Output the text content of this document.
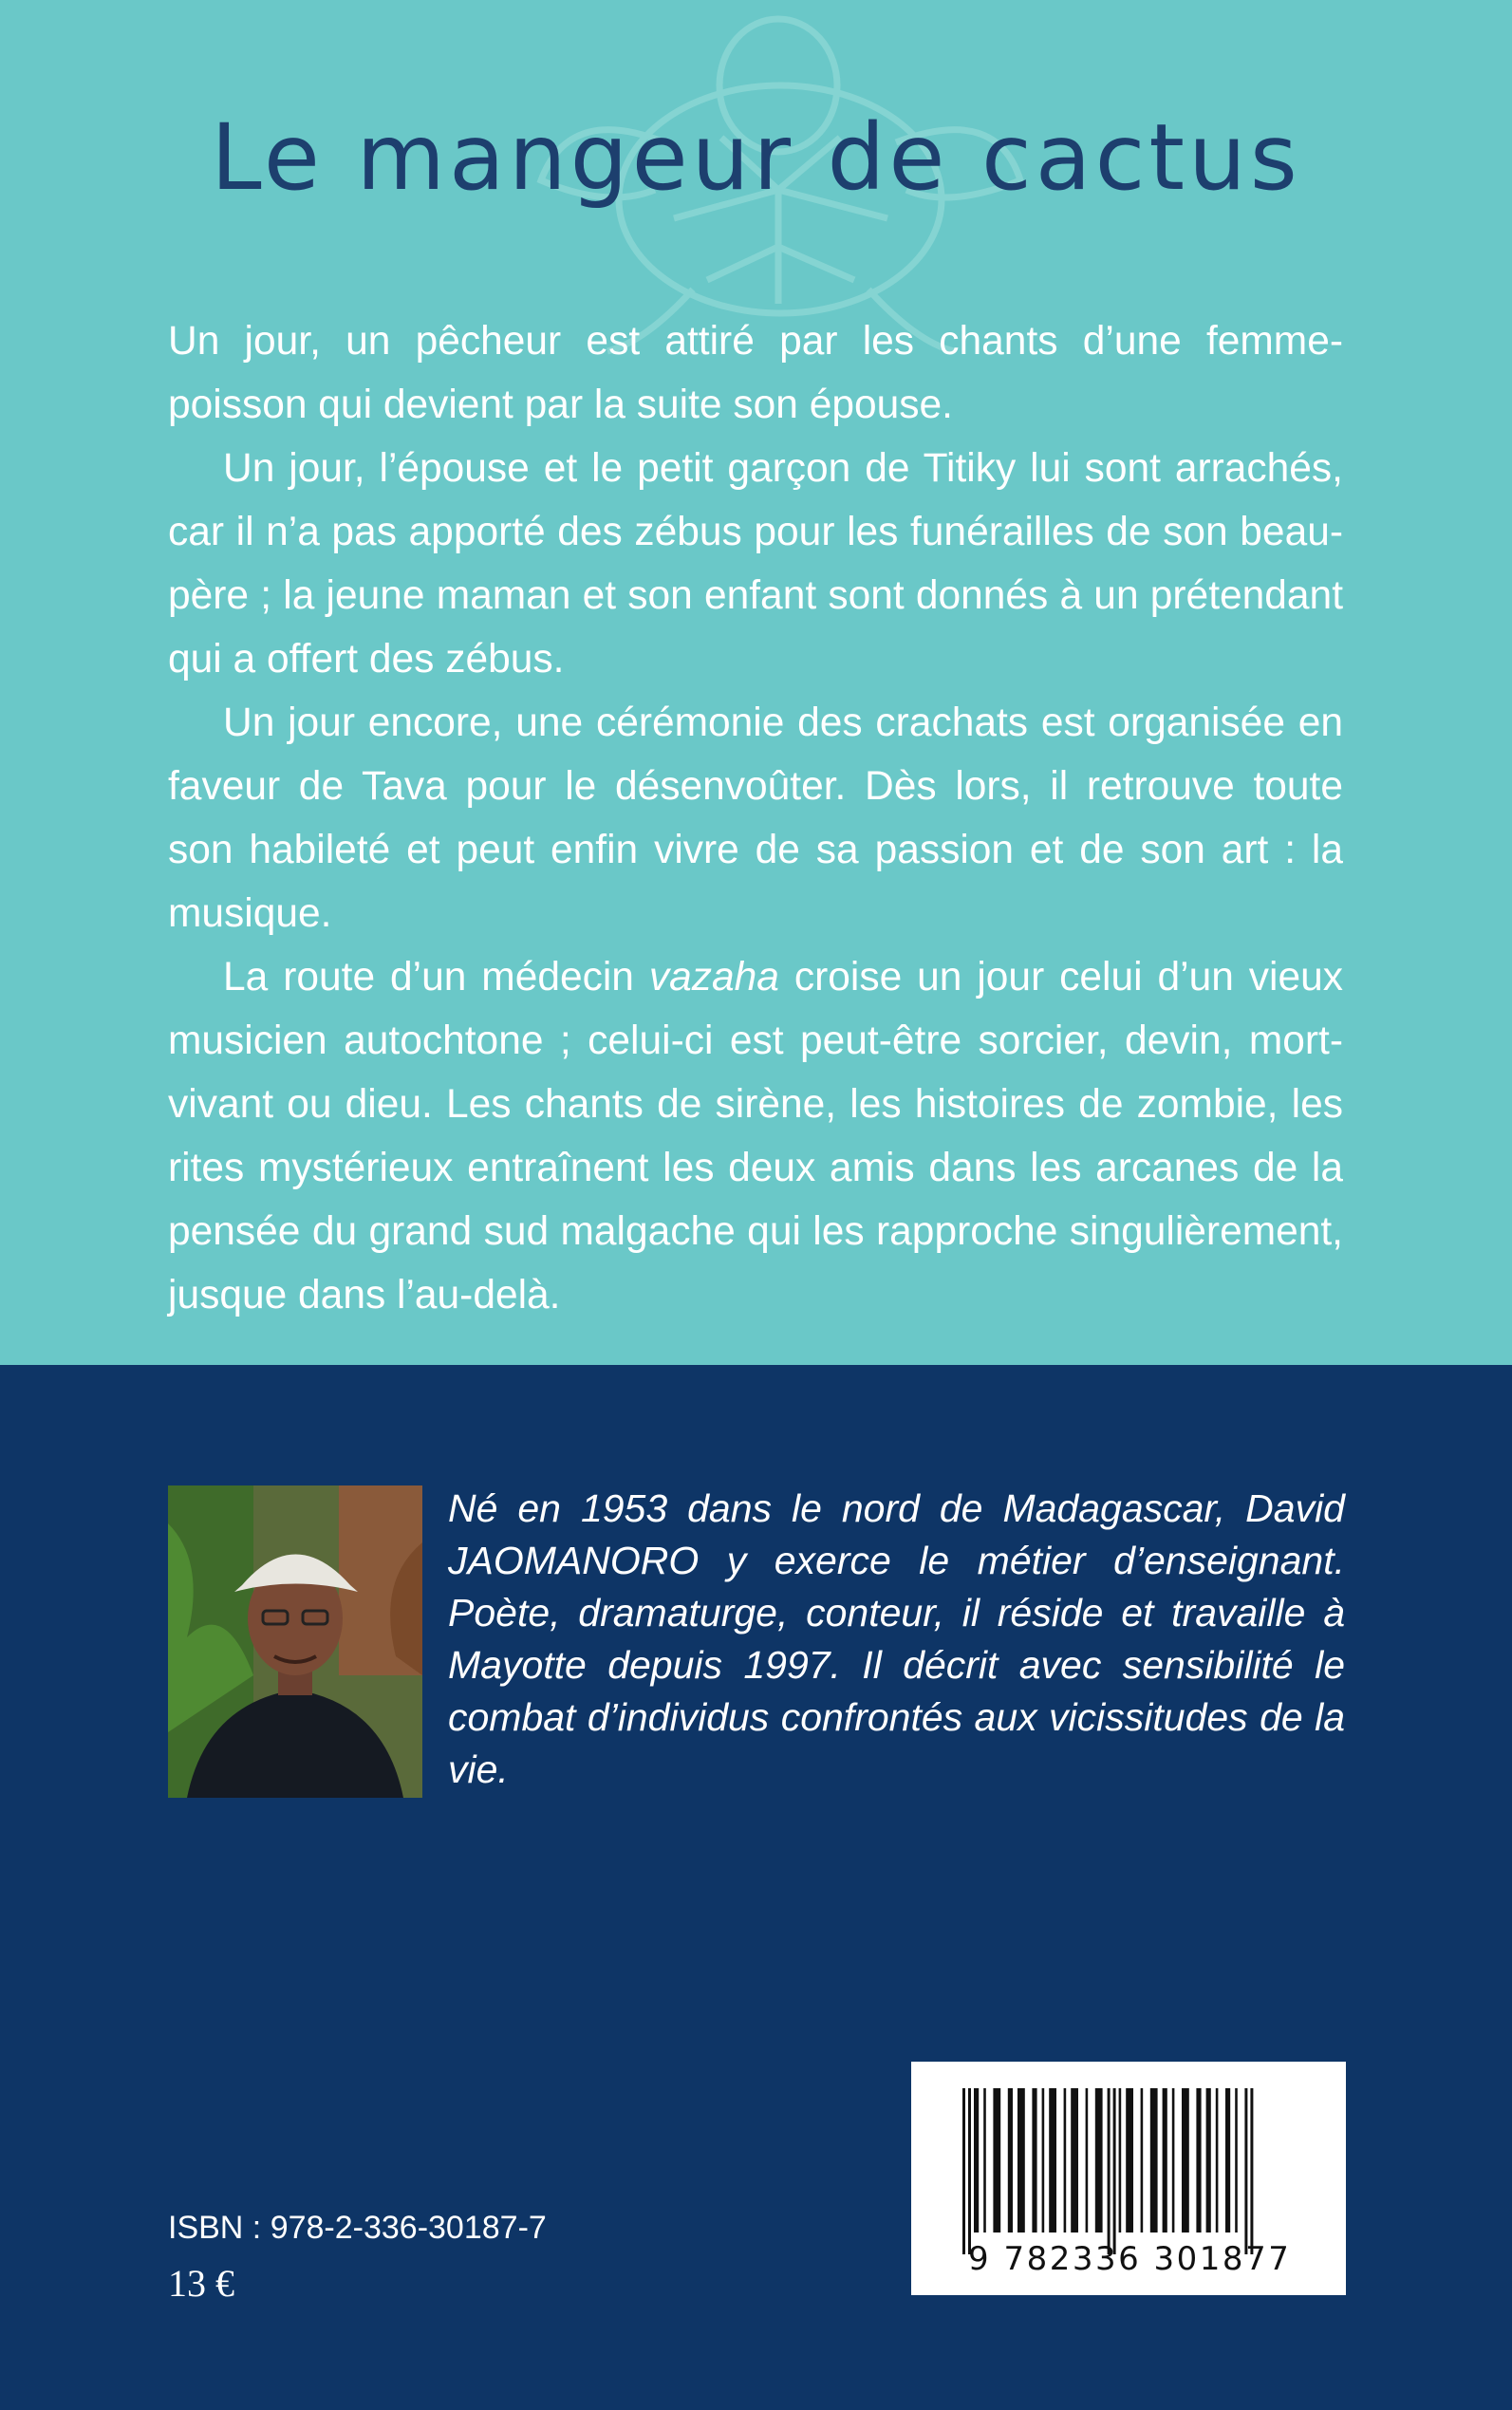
Le mangeur de cactus

Un jour, un pêcheur est attiré par les chants d’une femme-poisson qui devient par la suite son épouse.

Un jour, l’épouse et le petit garçon de Titiky lui sont arrachés, car il n’a pas apporté des zébus pour les funérailles de son beau-père ; la jeune maman et son enfant sont donnés à un prétendant qui a offert des zébus.

Un jour encore, une cérémonie des crachats est organisée en faveur de Tava pour le désenvoûter. Dès lors, il retrouve toute son habileté et peut enfin vivre de sa passion et de son art : la musique.

La route d’un médecin vazaha croise un jour celui d’un vieux musicien autochtone ; celui-ci est peut-être sorcier, devin, mort-vivant ou dieu. Les chants de sirène, les histoires de zombie, les rites mystérieux entraînent les deux amis dans les arcanes de la pensée du grand sud malgache qui les rapproche singulièrement, jusque dans l’au-delà.

Né en 1953 dans le nord de Madagascar, David JAOMANORO y exerce le métier d’enseignant. Poète, dramaturge, conteur, il réside et travaille à Mayotte depuis 1997. Il décrit avec sensibilité le combat d’individus confrontés aux vicissitudes de la vie.
9 782336 301877
ISBN : 978-2-336-30187-7
13 €
